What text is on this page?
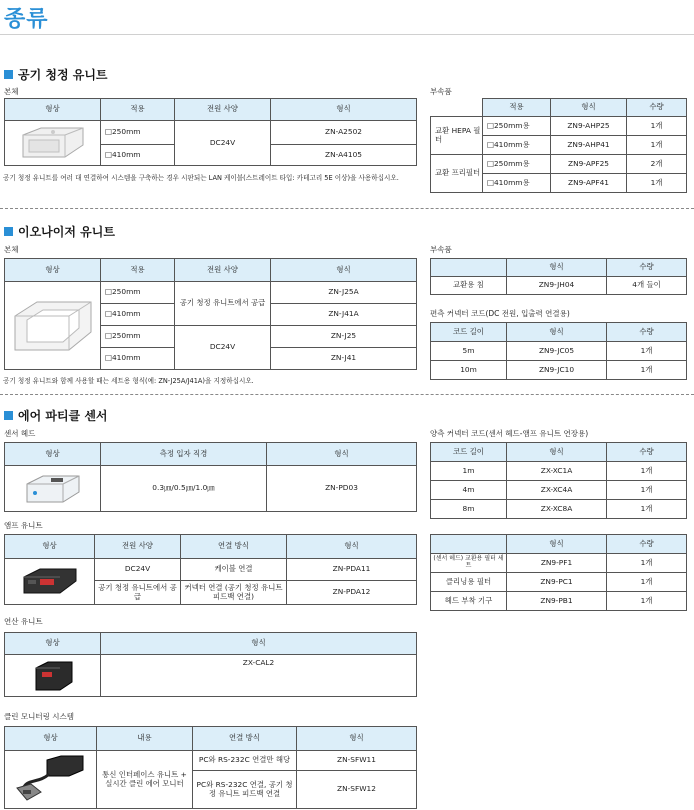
종류
공기 청정 유니트
본체
형상	적용	전원 사양	형식

	□250mm	DC24V	ZN-A2502
	□410mm		ZN-A4105
공기 청정 유니트를 여러 대 연결하여 시스템을 구축하는 경우 시판되는 LAN 케이블(스트레이트 타입: 카테고리 5E 이상)을 사용하십시오.
부속품
	적용	형식	수량
교환 HEPA 필터	□250mm용	ZN9-AHP25	1개
	□410mm용	ZN9-AHP41	1개
교환 프리필터	□250mm용	ZN9-APF25	2개
	□410mm용	ZN9-APF41	1개
이오나이저 유니트
본체
형상	적용	전원 사양	형식

	□250mm	공기 청정 유니트에서 공급	ZN-J25A
	□410mm		ZN-J41A
	□250mm	DC24V	ZN-J25
	□410mm		ZN-J41
공기 청정 유니트와 함께 사용할 때는 세트용 형식(예: ZN-J25A/J41A)을 지정하십시오.
부속품
	형식	수량
교환용 침	ZN9-JH04	4개 들이
편측 커넥터 코드(DC 전원, 입출력 연결용)
코드 길이	형식	수량
5m	ZN9-JC05	1개
10m	ZN9-JC10	1개
에어 파티클 센서
센서 헤드
형상	측정 입자 직경	형식

	0.3㎛/0.5㎛/1.0㎛	ZN-PD03
앰프 유니트
형상	전원 사양	연결 방식	형식

	DC24V	케이블 연결	ZN-PDA11
	공기 청정 유니트에서 공급	커넥터 연결 (공기 청정 유니트 피드백 연결)	ZN-PDA12
연산 유니트
형상	형식

	ZX-CAL2
클린 모니터링 시스템
형상	내용	연결 방식	형식

	통신 인터페이스 유니트 + 실시간 클린 에어 모니터	PC와 RS-232C 연결만 해당	ZN-SFW11
		PC와 RS-232C 연결, 공기 청정 유니트 피드백 연결	ZN-SFW12
양측 커넥터 코드(센서 헤드-앰프 유니트 연장용)
코드 길이	형식	수량
1m	ZX-XC1A	1개
4m	ZX-XC4A	1개
8m	ZX-XC8A	1개
	형식	수량
(센서 헤드) 교환용 필터 세트	ZN9-PF1	1개
클리닝용 필터	ZN9-PC1	1개
헤드 부착 기구	ZN9-PB1	1개
